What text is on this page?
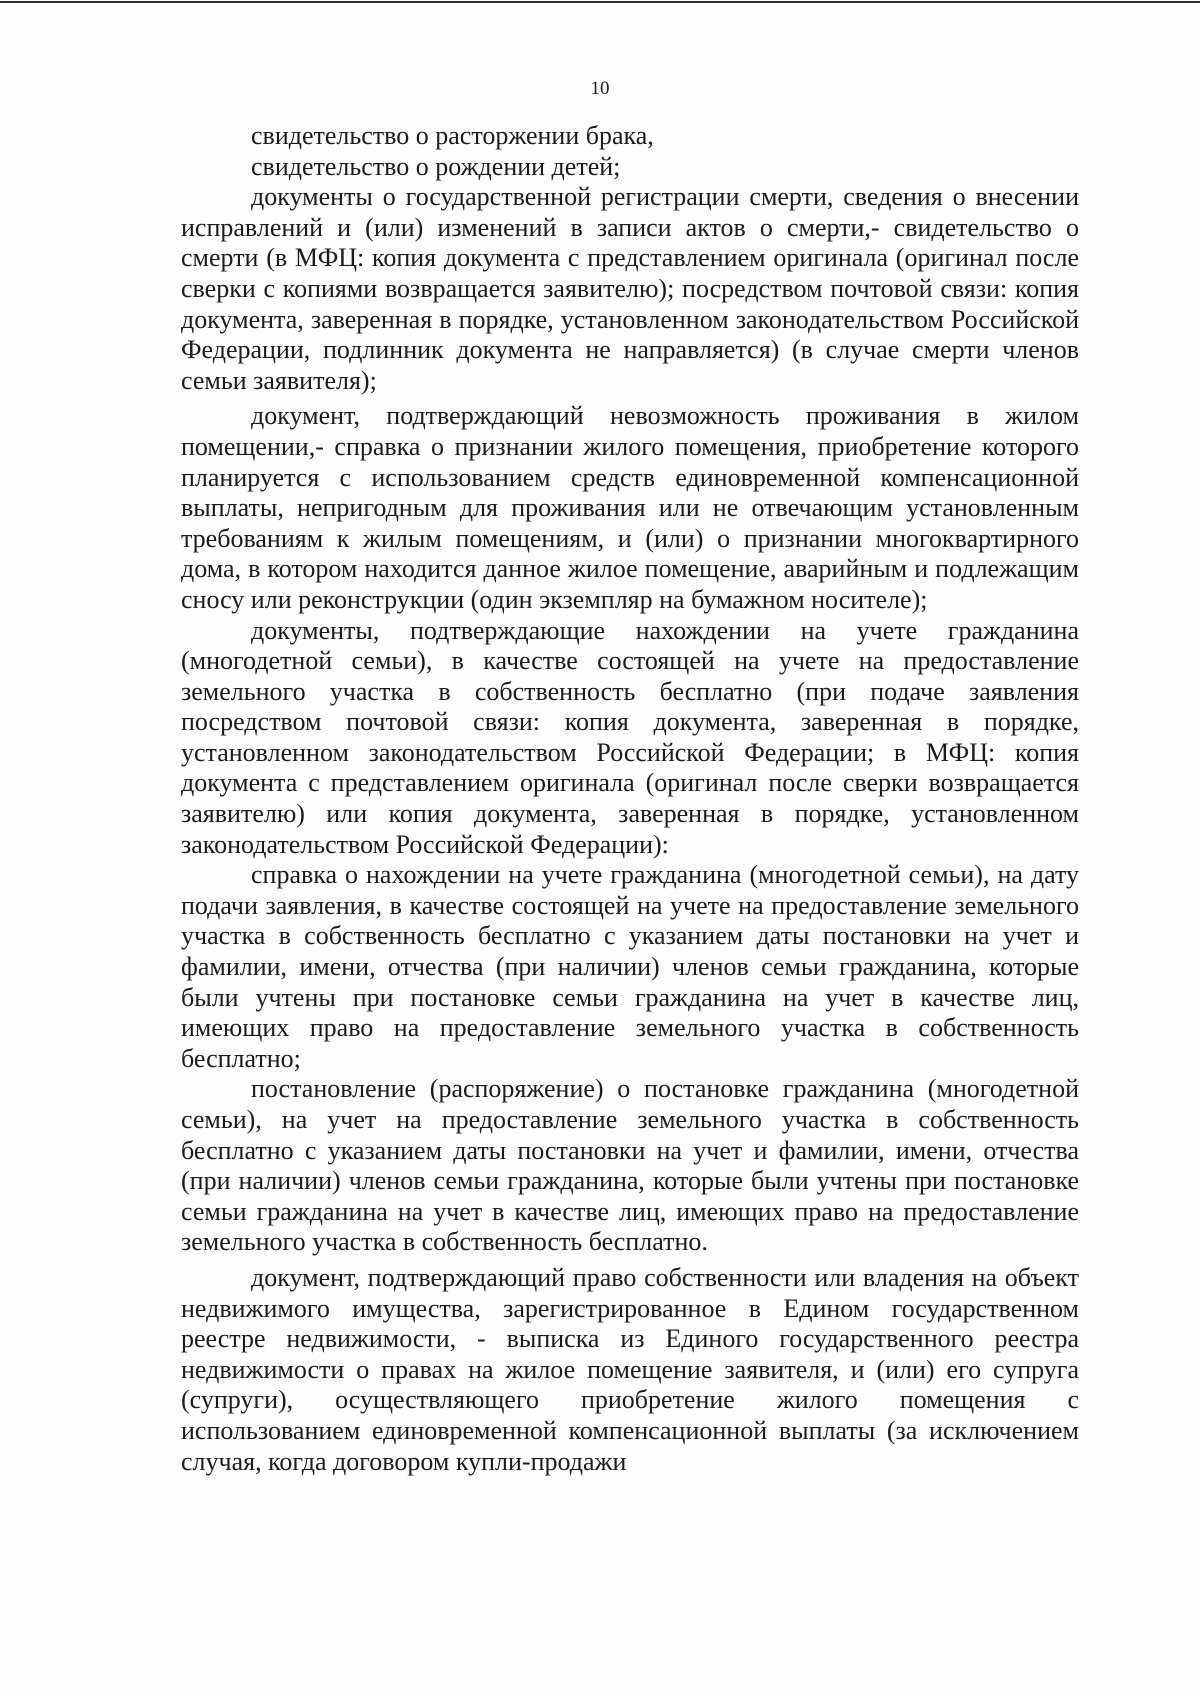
10

свидетельство о расторжении брака,

свидетельство о рождении детей;

документы о государственной регистрации смерти, сведения о внесении исправлений и (или) изменений в записи актов о смерти,- свидетельство о смерти (в МФЦ: копия документа с представлением оригинала (оригинал после сверки с копиями возвращается заявителю); посредством почтовой связи: копия документа, заверенная в порядке, установленном законодательством Российской Федерации, подлинник документа не направляется) (в случае смерти членов семьи заявителя);

документ, подтверждающий невозможность проживания в жилом помещении,- справка о признании жилого помещения, приобретение которого планируется с использованием средств единовременной компенсационной выплаты, непригодным для проживания или не отвечающим установленным требованиям к жилым помещениям, и (или) о признании многоквартирного дома, в котором находится данное жилое помещение, аварийным и подлежащим сносу или реконструкции (один экземпляр на бумажном носителе);

документы, подтверждающие нахождении на учете гражданина (многодетной семьи), в качестве состоящей на учете на предоставление земельного участка в собственность бесплатно (при подаче заявления посредством почтовой связи: копия документа, заверенная в порядке, установленном законодательством Российской Федерации; в МФЦ: копия документа с представлением оригинала (оригинал после сверки возвращается заявителю) или копия документа, заверенная в порядке, установленном законодательством Российской Федерации):

справка о нахождении на учете гражданина (многодетной семьи), на дату подачи заявления, в качестве состоящей на учете на предоставление земельного участка в собственность бесплатно с указанием даты постановки на учет и фамилии, имени, отчества (при наличии) членов семьи гражданина, которые были учтены при постановке семьи гражданина на учет в качестве лиц, имеющих право на предоставление земельного участка в собственность бесплатно;

постановление (распоряжение) о постановке гражданина (многодетной семьи), на учет на предоставление земельного участка в собственность бесплатно с указанием даты постановки на учет и фамилии, имени, отчества (при наличии) членов семьи гражданина, которые были учтены при постановке семьи гражданина на учет в качестве лиц, имеющих право на предоставление земельного участка в собственность бесплатно.

документ, подтверждающий право собственности или владения на объект недвижимого имущества, зарегистрированное в Едином государственном реестре недвижимости, - выписка из Единого государственного реестра недвижимости о правах на жилое помещение заявителя, и (или) его супруга (супруги), осуществляющего приобретение жилого помещения с использованием единовременной компенсационной выплаты (за исключением случая, когда договором купли-продажи
